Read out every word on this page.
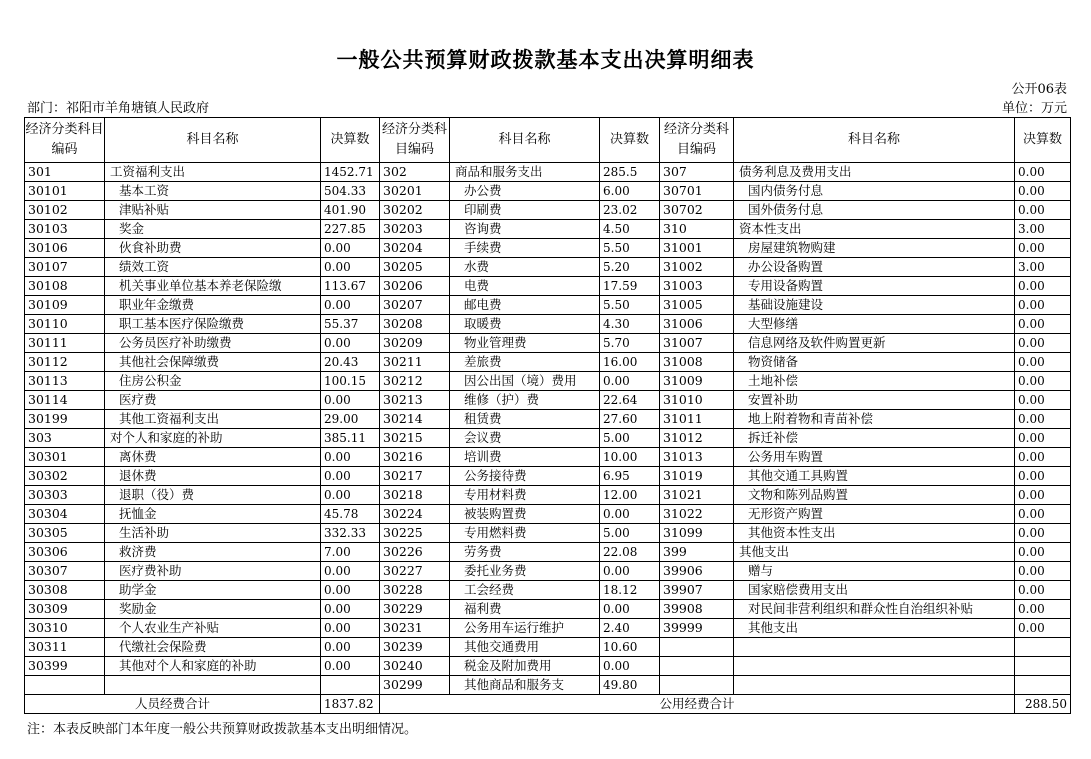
一般公共预算财政拨款基本支出决算明细表
公开06表
部门：祁阳市羊角塘镇人民政府	单位：万元
经济分类科目编码	科目名称	决算数	经济分类科目编码	科目名称	决算数	经济分类科目编码	科目名称	决算数
301	工资福利支出	1452.71	302	商品和服务支出	285.5	307	债务利息及费用支出	0.00
30101	基本工资	504.33	30201	办公费	6.00	30701	国内债务付息	0.00
30102	津贴补贴	401.90	30202	印刷费	23.02	30702	国外债务付息	0.00
30103	奖金	227.85	30203	咨询费	4.50	310	资本性支出	3.00
30106	伙食补助费	0.00	30204	手续费	5.50	31001	房屋建筑物购建	0.00
30107	绩效工资	0.00	30205	水费	5.20	31002	办公设备购置	3.00
30108	机关事业单位基本养老保险缴	113.67	30206	电费	17.59	31003	专用设备购置	0.00
30109	职业年金缴费	0.00	30207	邮电费	5.50	31005	基础设施建设	0.00
30110	职工基本医疗保险缴费	55.37	30208	取暖费	4.30	31006	大型修缮	0.00
30111	公务员医疗补助缴费	0.00	30209	物业管理费	5.70	31007	信息网络及软件购置更新	0.00
30112	其他社会保障缴费	20.43	30211	差旅费	16.00	31008	物资储备	0.00
30113	住房公积金	100.15	30212	因公出国（境）费用	0.00	31009	土地补偿	0.00
30114	医疗费	0.00	30213	维修（护）费	22.64	31010	安置补助	0.00
30199	其他工资福利支出	29.00	30214	租赁费	27.60	31011	地上附着物和青苗补偿	0.00
303	对个人和家庭的补助	385.11	30215	会议费	5.00	31012	拆迁补偿	0.00
30301	离休费	0.00	30216	培训费	10.00	31013	公务用车购置	0.00
30302	退休费	0.00	30217	公务接待费	6.95	31019	其他交通工具购置	0.00
30303	退职（役）费	0.00	30218	专用材料费	12.00	31021	文物和陈列品购置	0.00
30304	抚恤金	45.78	30224	被装购置费	0.00	31022	无形资产购置	0.00
30305	生活补助	332.33	30225	专用燃料费	5.00	31099	其他资本性支出	0.00
30306	救济费	7.00	30226	劳务费	22.08	399	其他支出	0.00
30307	医疗费补助	0.00	30227	委托业务费	0.00	39906	赠与	0.00
30308	助学金	0.00	30228	工会经费	18.12	39907	国家赔偿费用支出	0.00
30309	奖励金	0.00	30229	福利费	0.00	39908	对民间非营利组织和群众性自治组织补贴	0.00
30310	个人农业生产补贴	0.00	30231	公务用车运行维护	2.40	39999	其他支出	0.00
30311	代缴社会保险费	0.00	30239	其他交通费用	10.60			
30399	其他对个人和家庭的补助	0.00	30240	税金及附加费用	0.00			
			30299	其他商品和服务支	49.80			
人员经费合计		1837.82	公用经费合计					288.50
注：本表反映部门本年度一般公共预算财政拨款基本支出明细情况。
